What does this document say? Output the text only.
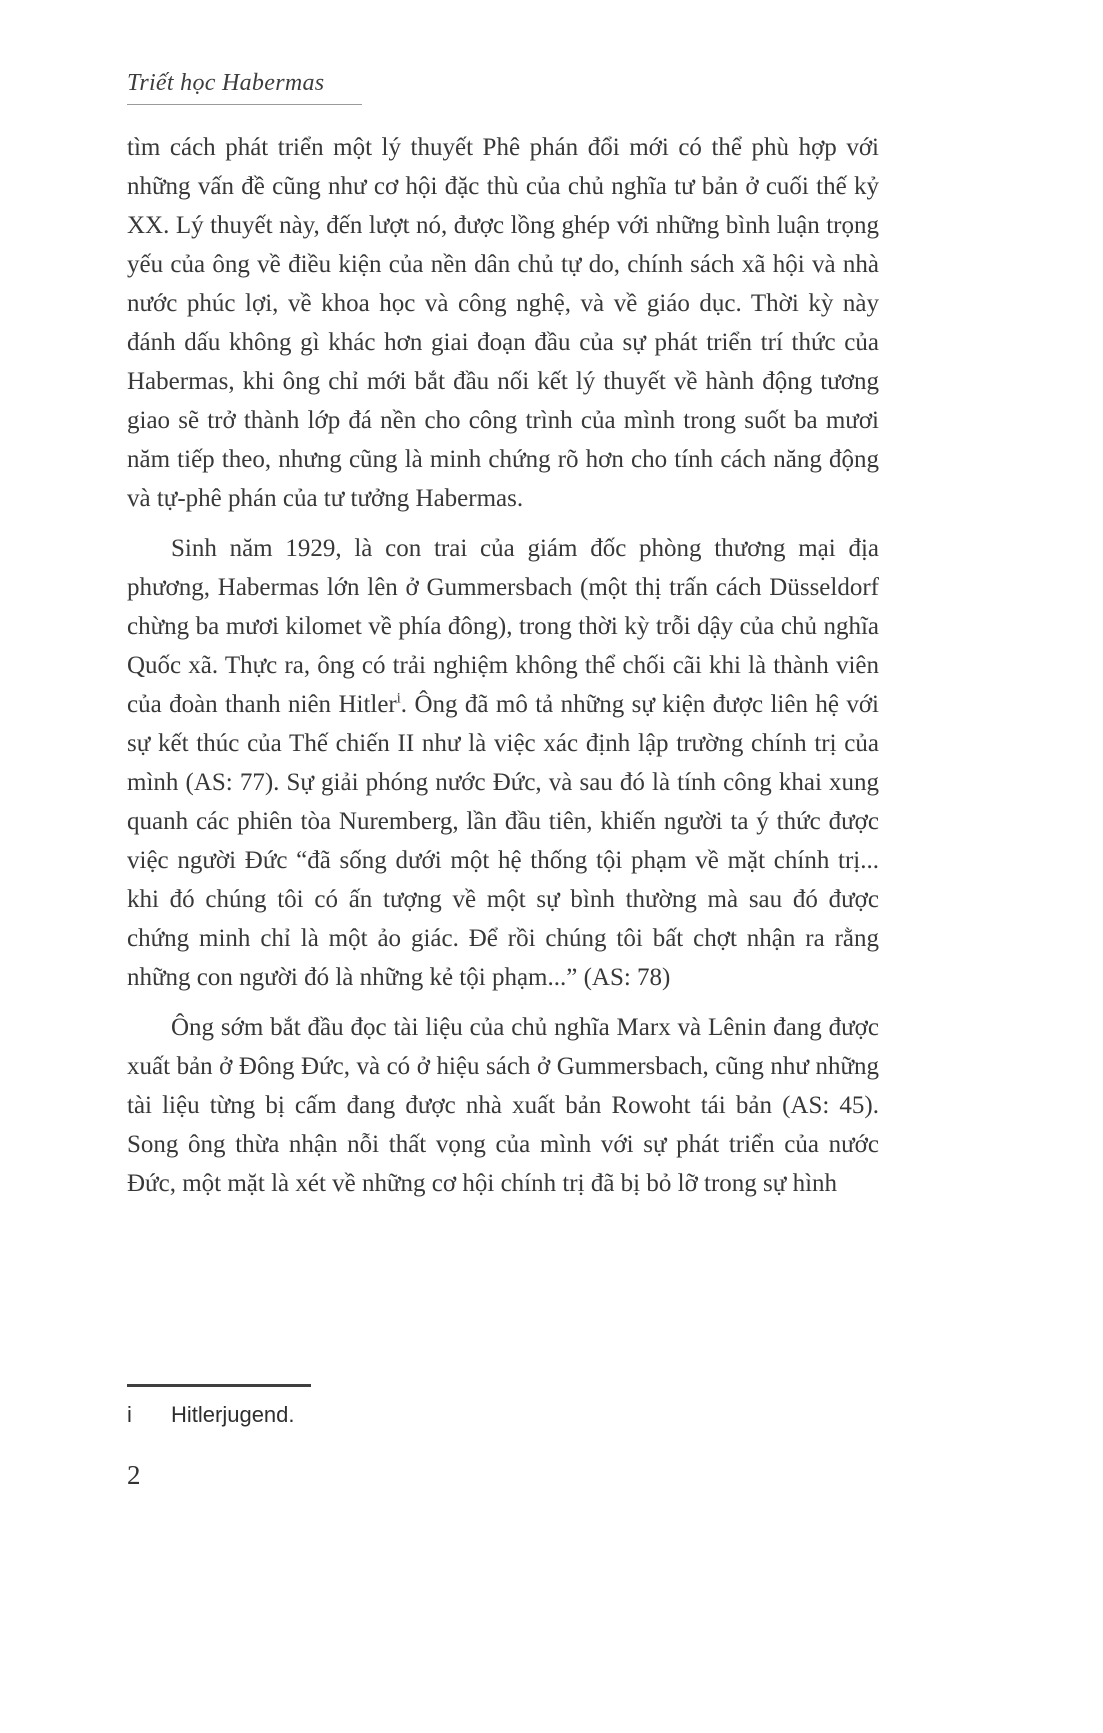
Triết học Habermas

tìm cách phát triển một lý thuyết Phê phán đổi mới có thể phù hợp với những vấn đề cũng như cơ hội đặc thù của chủ nghĩa tư bản ở cuối thế kỷ XX. Lý thuyết này, đến lượt nó, được lồng ghép với những bình luận trọng yếu của ông về điều kiện của nền dân chủ tự do, chính sách xã hội và nhà nước phúc lợi, về khoa học và công nghệ, và về giáo dục. Thời kỳ này đánh dấu không gì khác hơn giai đoạn đầu của sự phát triển trí thức của Habermas, khi ông chỉ mới bắt đầu nối kết lý thuyết về hành động tương giao sẽ trở thành lớp đá nền cho công trình của mình trong suốt ba mươi năm tiếp theo, nhưng cũng là minh chứng rõ hơn cho tính cách năng động và tự-phê phán của tư tưởng Habermas.

Sinh năm 1929, là con trai của giám đốc phòng thương mại địa phương, Habermas lớn lên ở Gummersbach (một thị trấn cách Düsseldorf chừng ba mươi kilomet về phía đông), trong thời kỳ trỗi dậy của chủ nghĩa Quốc xã. Thực ra, ông có trải nghiệm không thể chối cãi khi là thành viên của đoàn thanh niên Hitler$^i$. Ông đã mô tả những sự kiện được liên hệ với sự kết thúc của Thế chiến II như là việc xác định lập trường chính trị của mình (AS: 77). Sự giải phóng nước Đức, và sau đó là tính công khai xung quanh các phiên tòa Nuremberg, lần đầu tiên, khiến người ta ý thức được việc người Đức “đã sống dưới một hệ thống tội phạm về mặt chính trị... khi đó chúng tôi có ấn tượng về một sự bình thường mà sau đó được chứng minh chỉ là một ảo giác. Để rồi chúng tôi bất chợt nhận ra rằng những con người đó là những kẻ tội phạm...” (AS: 78)

Ông sớm bắt đầu đọc tài liệu của chủ nghĩa Marx và Lênin đang được xuất bản ở Đông Đức, và có ở hiệu sách ở Gummersbach, cũng như những tài liệu từng bị cấm đang được nhà xuất bản Rowoht tái bản (AS: 45). Song ông thừa nhận nỗi thất vọng của mình với sự phát triển của nước Đức, một mặt là xét về những cơ hội chính trị đã bị bỏ lỡ trong sự hình

i	Hitlerjugend.
2
